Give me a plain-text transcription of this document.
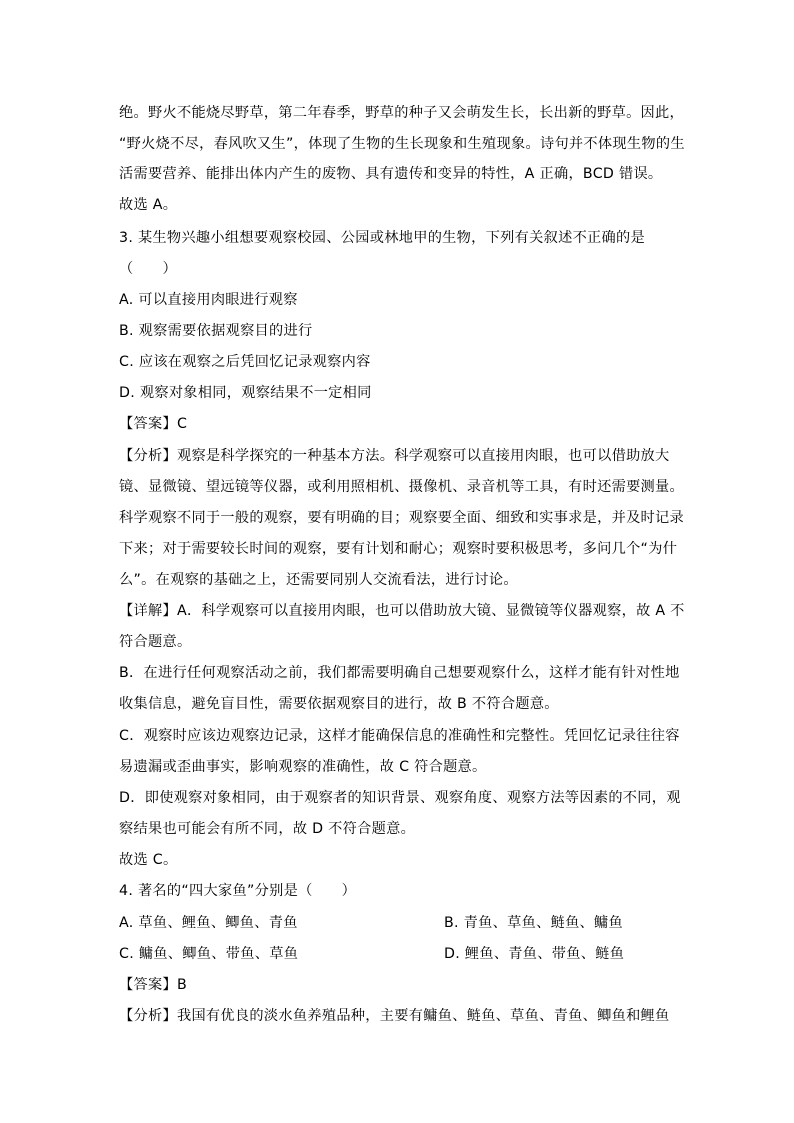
绝。野火不能烧尽野草，第二年春季，野草的种子又会萌发生长，长出新的野草。因此，
“野火烧不尽，春风吹又生”，体现了生物的生长现象和生殖现象。诗句并不体现生物的生
活需要营养、能排出体内产生的废物、具有遗传和变异的特性，A 正确，BCD 错误。
故选 A。
3. 某生物兴趣小组想要观察校园、公园或林地甲的生物，下列有关叙述不正确的是
（　　）
A. 可以直接用肉眼进行观察
B. 观察需要依据观察目的进行
C. 应该在观察之后凭回忆记录观察内容
D. 观察对象相同，观察结果不一定相同
【答案】C
【分析】观察是科学探究的一种基本方法。科学观察可以直接用肉眼，也可以借助放大
镜、显微镜、望远镜等仪器，或利用照相机、摄像机、录音机等工具，有时还需要测量。
科学观察不同于一般的观察，要有明确的目；观察要全面、细致和实事求是，并及时记录
下来；对于需要较长时间的观察，要有计划和耐心；观察时要积极思考，多问几个“为什
么”。在观察的基础之上，还需要同别人交流看法，进行讨论。
【详解】A．科学观察可以直接用肉眼，也可以借助放大镜、显微镜等仪器观察，故 A 不
符合题意。
B．在进行任何观察活动之前，我们都需要明确自己想要观察什么，这样才能有针对性地
收集信息，避免盲目性，需要依据观察目的进行，故 B 不符合题意。
C．观察时应该边观察边记录，这样才能确保信息的准确性和完整性。凭回忆记录往往容
易遗漏或歪曲事实，影响观察的准确性，故 C 符合题意。
D．即使观察对象相同，由于观察者的知识背景、观察角度、观察方法等因素的不同，观
察结果也可能会有所不同，故 D 不符合题意。
故选 C。
4. 著名的“四大家鱼”分别是（　　）
A. 草鱼、鲤鱼、鲫鱼、青鱼	B. 青鱼、草鱼、鲢鱼、鳙鱼
C. 鳙鱼、鲫鱼、带鱼、草鱼	D. 鲤鱼、青鱼、带鱼、鲢鱼
【答案】B
【分析】我国有优良的淡水鱼养殖品种，主要有鳙鱼、鲢鱼、草鱼、青鱼、鲫鱼和鲤鱼
